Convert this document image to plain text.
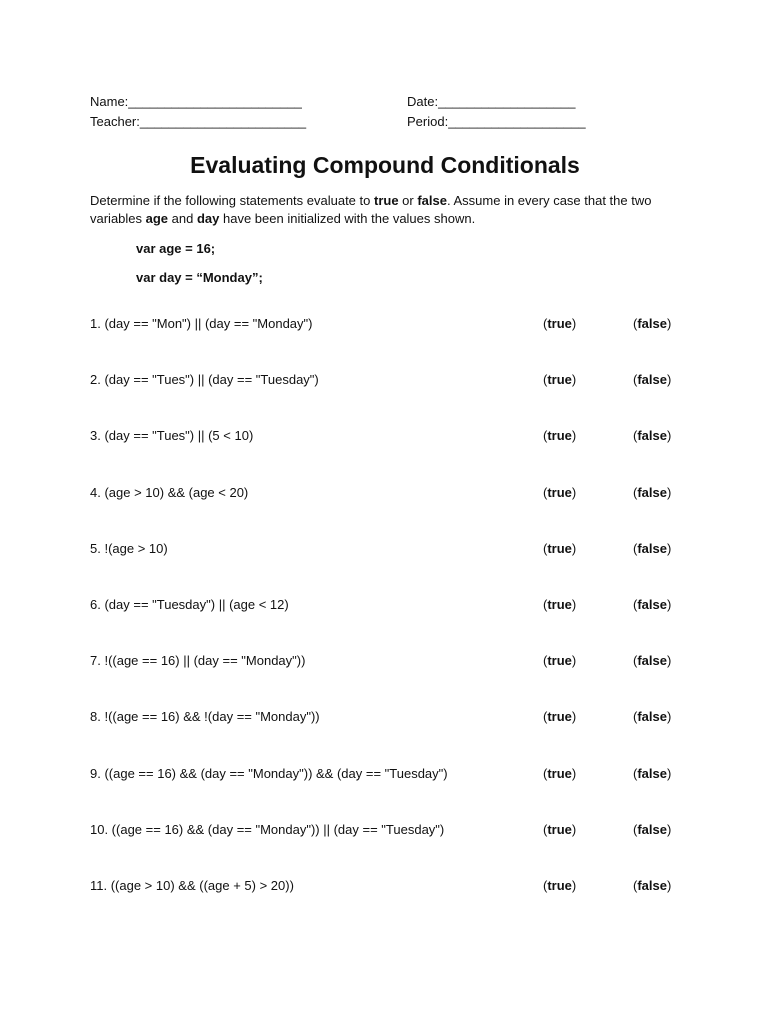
Name:________________________
Teacher:_______________________
Date:___________________
Period:___________________
Evaluating Compound Conditionals
Determine if the following statements evaluate to true or false. Assume in every case that the two variables age and day have been initialized with the values shown.
var age = 16;
var day = “Monday”;
1. (day == "Mon") || (day == "Monday")	(true)	(false)
2. (day == "Tues") || (day == "Tuesday")	(true)	(false)
3. (day == "Tues") || (5 < 10)	(true)	(false)
4. (age > 10) && (age < 20)	(true)	(false)
5. !(age > 10)	(true)	(false)
6. (day == "Tuesday") || (age < 12)	(true)	(false)
7. !((age == 16) || (day == "Monday"))	(true)	(false)
8. !((age == 16) && !(day == "Monday"))	(true)	(false)
9. ((age == 16) && (day == "Monday")) && (day == "Tuesday")	(true)	(false)
10. ((age == 16) && (day == "Monday")) || (day == "Tuesday")	(true)	(false)
11. ((age > 10) && ((age + 5) > 20))	(true)	(false)
